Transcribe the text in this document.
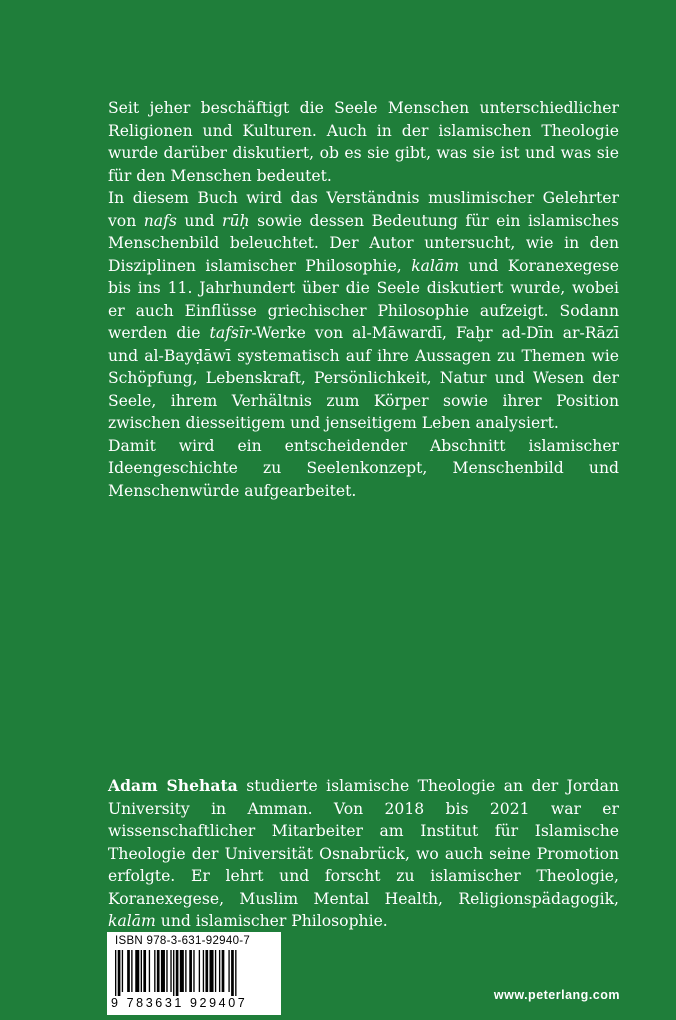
Seit jeher beschäftigt die Seele Menschen unterschiedlicher Religionen und Kulturen. Auch in der islamischen Theologie wurde darüber diskutiert, ob es sie gibt, was sie ist und was sie für den Menschen bedeutet.

In diesem Buch wird das Verständnis muslimischer Gelehrter von nafs und rūḥ sowie dessen Bedeutung für ein islamisches Menschenbild beleuchtet. Der Autor untersucht, wie in den Disziplinen islamischer Philosophie, kalām und Koranexegese bis ins 11. Jahrhundert über die Seele diskutiert wurde, wobei er auch Einflüsse griechischer Philosophie aufzeigt. Sodann werden die tafsīr-Werke von al-Māwardī, Faḫr ad-Dīn ar-Rāzī und al-Bayḍāwī systematisch auf ihre Aussagen zu Themen wie Schöpfung, Lebenskraft, Persönlichkeit, Natur und Wesen der Seele, ihrem Verhältnis zum Körper sowie ihrer Position zwischen diesseitigem und jenseitigem Leben analysiert.

Damit wird ein entscheidender Abschnitt islamischer Ideengeschichte zu Seelenkonzept, Menschenbild und Menschenwürde aufgearbeitet.

Adam Shehata studierte islamische Theologie an der Jordan University in Amman. Von 2018 bis 2021 war er wissenschaftlicher Mitarbeiter am Institut für Islamische Theologie der Universität Osnabrück, wo auch seine Promotion erfolgte. Er lehrt und forscht zu islamischer Theologie, Koranexegese, Muslim Mental Health, Religionspädagogik, kalām und islamischer Philosophie.

ISBN 978-3-631-92940-7
9 783631 929407
www.peterlang.com
